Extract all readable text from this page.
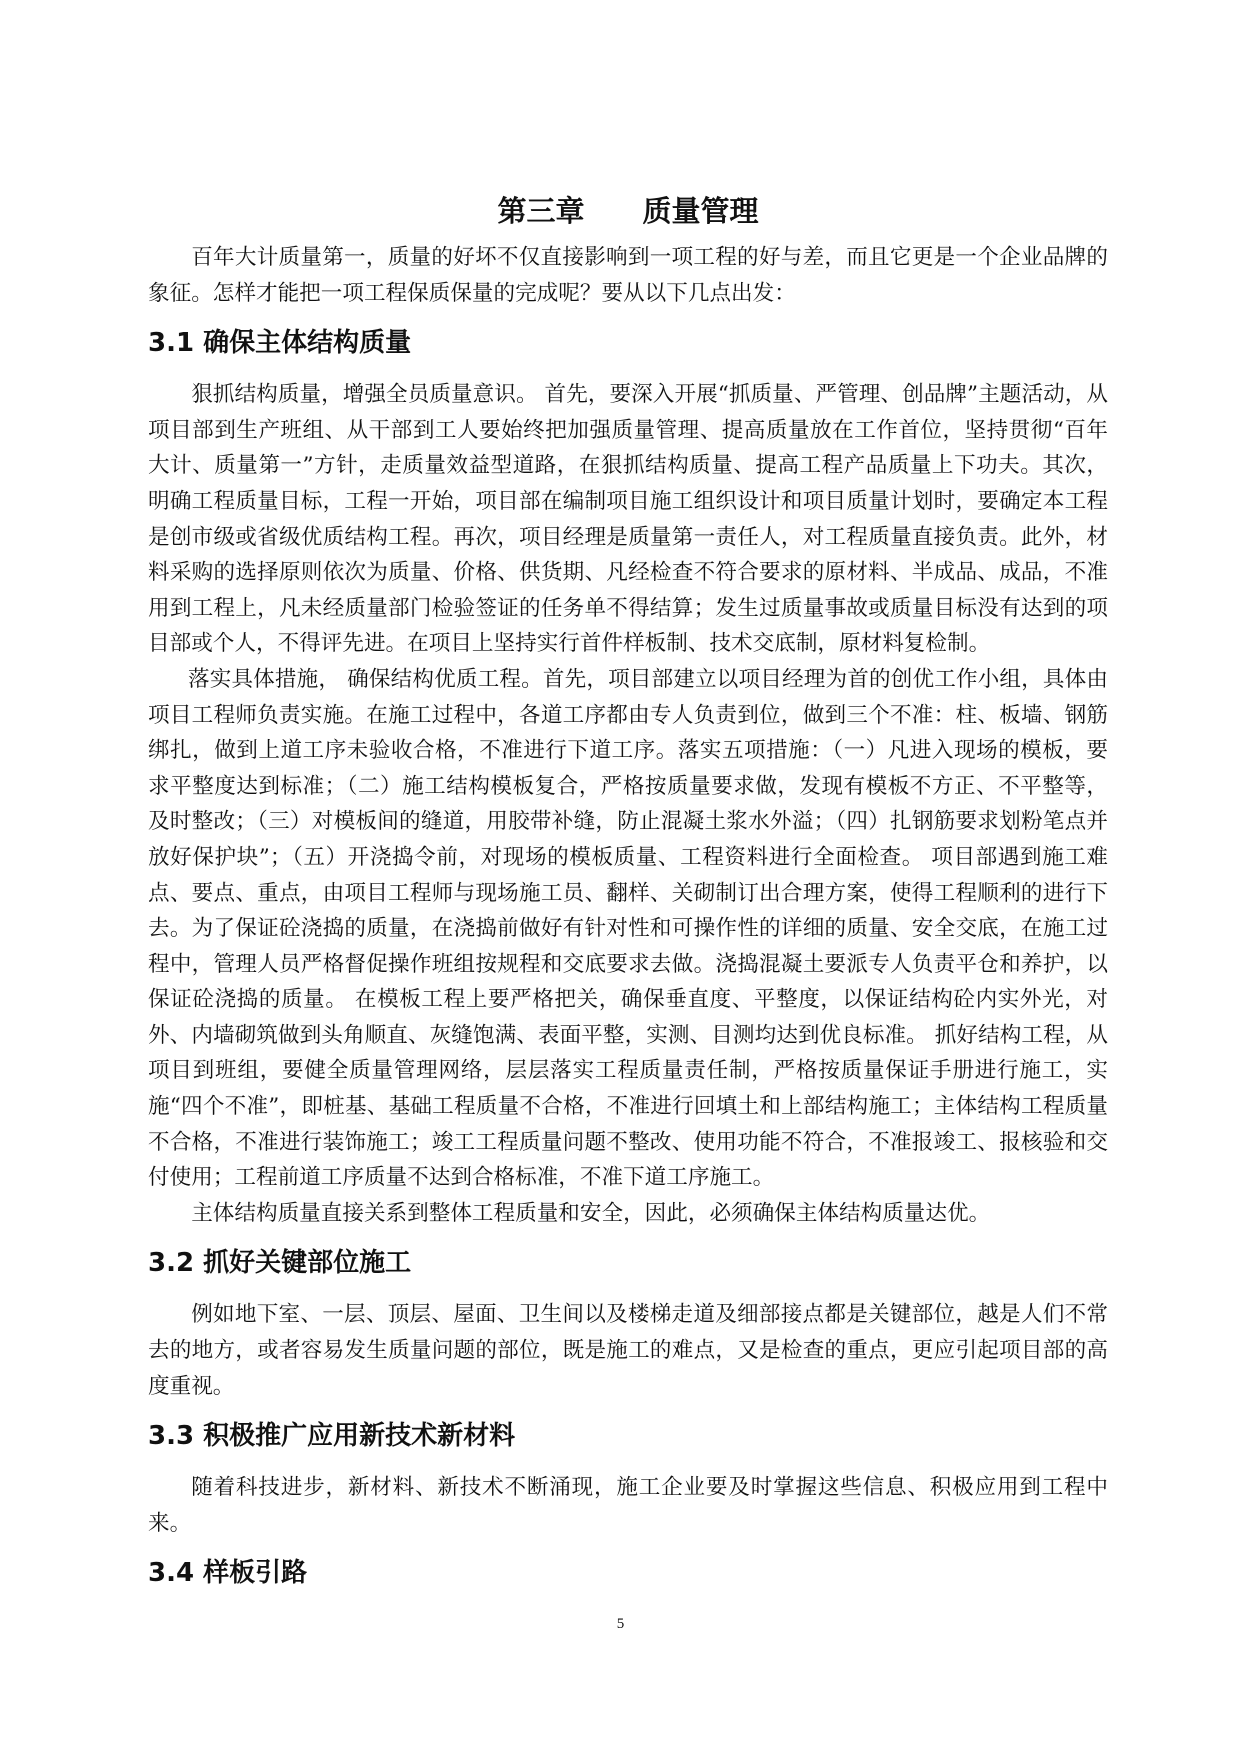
第三章　　质量管理

百年大计质量第一，质量的好坏不仅直接影响到一项工程的好与差，而且它更是一个企业品牌的象征。怎样才能把一项工程保质保量的完成呢？要从以下几点出发：

3.1 确保主体结构质量

狠抓结构质量，增强全员质量意识。 首先，要深入开展“抓质量、严管理、创品牌”主题活动，从项目部到生产班组、从干部到工人要始终把加强质量管理、提高质量放在工作首位，坚持贯彻“百年大计、质量第一”方针，走质量效益型道路，在狠抓结构质量、提高工程产品质量上下功夫。其次，明确工程质量目标，工程一开始，项目部在编制项目施工组织设计和项目质量计划时，要确定本工程是创市级或省级优质结构工程。再次，项目经理是质量第一责任人，对工程质量直接负责。此外，材料采购的选择原则依次为质量、价格、供货期、凡经检查不符合要求的原材料、半成品、成品，不准用到工程上，凡未经质量部门检验签证的任务单不得结算；发生过质量事故或质量目标没有达到的项目部或个人，不得评先进。在项目上坚持实行首件样板制、技术交底制，原材料复检制。

落实具体措施， 确保结构优质工程。首先，项目部建立以项目经理为首的创优工作小组，具体由项目工程师负责实施。在施工过程中，各道工序都由专人负责到位，做到三个不准：柱、板墙、钢筋绑扎，做到上道工序未验收合格，不准进行下道工序。落实五项措施：（一）凡进入现场的模板，要求平整度达到标准；（二）施工结构模板复合，严格按质量要求做，发现有模板不方正、不平整等，及时整改；（三）对模板间的缝道，用胶带补缝，防止混凝土浆水外溢；（四）扎钢筋要求划粉笔点并放好保护块”；（五）开浇捣令前，对现场的模板质量、工程资料进行全面检查。 项目部遇到施工难点、要点、重点，由项目工程师与现场施工员、翻样、关砌制订出合理方案，使得工程顺利的进行下去。为了保证砼浇捣的质量，在浇捣前做好有针对性和可操作性的详细的质量、安全交底，在施工过程中，管理人员严格督促操作班组按规程和交底要求去做。浇捣混凝土要派专人负责平仓和养护，以保证砼浇捣的质量。 在模板工程上要严格把关，确保垂直度、平整度，以保证结构砼内实外光，对外、内墙砌筑做到头角顺直、灰缝饱满、表面平整，实测、目测均达到优良标准。 抓好结构工程，从项目到班组，要健全质量管理网络，层层落实工程质量责任制，严格按质量保证手册进行施工，实施“四个不准”，即桩基、基础工程质量不合格，不准进行回填土和上部结构施工；主体结构工程质量不合格，不准进行装饰施工；竣工工程质量问题不整改、使用功能不符合，不准报竣工、报核验和交付使用；工程前道工序质量不达到合格标准，不准下道工序施工。

主体结构质量直接关系到整体工程质量和安全，因此，必须确保主体结构质量达优。

3.2 抓好关键部位施工

例如地下室、一层、顶层、屋面、卫生间以及楼梯走道及细部接点都是关键部位，越是人们不常去的地方，或者容易发生质量问题的部位，既是施工的难点，又是检查的重点，更应引起项目部的高度重视。

3.3 积极推广应用新技术新材料

随着科技进步，新材料、新技术不断涌现，施工企业要及时掌握这些信息、积极应用到工程中来。

3.4 样板引路
5
